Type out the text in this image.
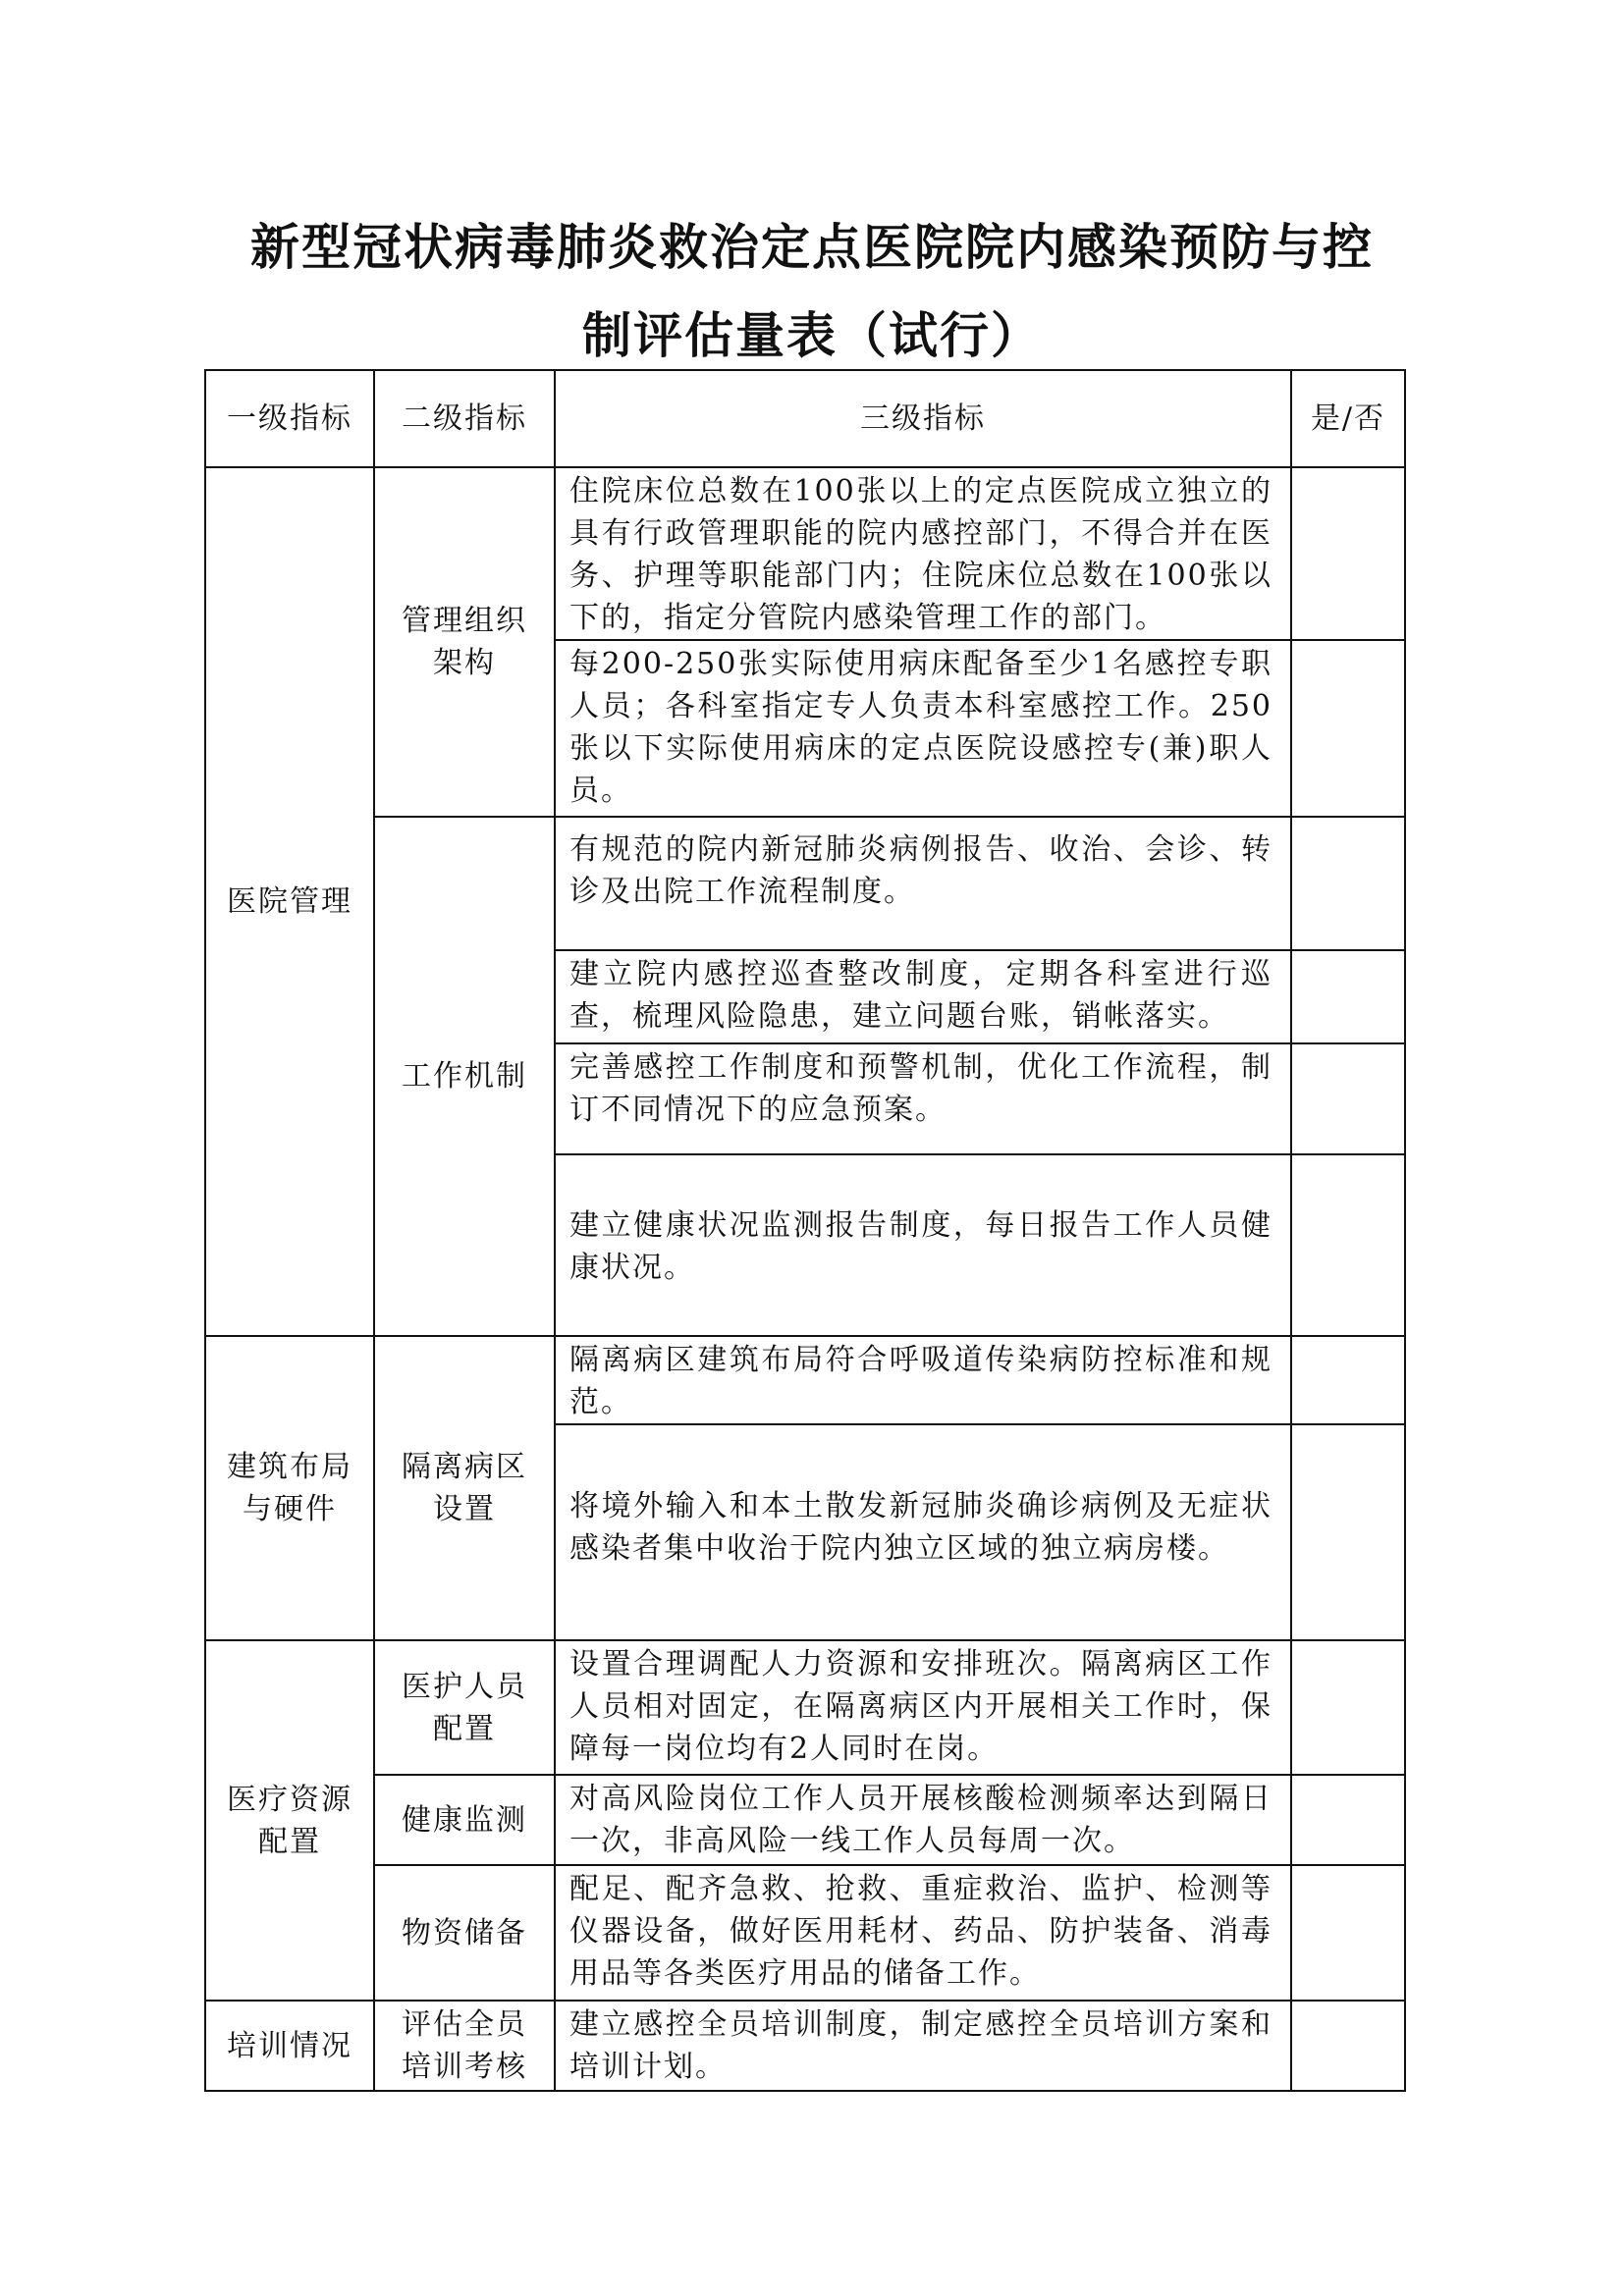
新型冠状病毒肺炎救治定点医院院内感染预防与控
制评估量表（试行）
一级指标	二级指标	三级指标	是/否

医院管理	管理组织架构	住院床位总数在100张以上的定点医院成立独立的具有行政管理职能的院内感控部门，不得合并在医务、护理等职能部门内；住院床位总数在100张以下的，指定分管院内感染管理工作的部门。	

		每200-250张实际使用病床配备至少1名感控专职人员；各科室指定专人负责本科室感控工作。250张以下实际使用病床的定点医院设感控专(兼)职人员。	

	工作机制	有规范的院内新冠肺炎病例报告、收治、会诊、转诊及出院工作流程制度。	

		建立院内感控巡查整改制度，定期各科室进行巡查，梳理风险隐患，建立问题台账，销帐落实。	

		完善感控工作制度和预警机制，优化工作流程，制订不同情况下的应急预案。	

		建立健康状况监测报告制度，每日报告工作人员健康状况。	

建筑布局与硬件	隔离病区设置	隔离病区建筑布局符合呼吸道传染病防控标准和规范。	

		将境外输入和本土散发新冠肺炎确诊病例及无症状感染者集中收治于院内独立区域的独立病房楼。	

医疗资源配置	医护人员配置	设置合理调配人力资源和安排班次。隔离病区工作人员相对固定，在隔离病区内开展相关工作时，保障每一岗位均有2人同时在岗。	

	健康监测	对高风险岗位工作人员开展核酸检测频率达到隔日一次，非高风险一线工作人员每周一次。	

	物资储备	配足、配齐急救、抢救、重症救治、监护、检测等仪器设备，做好医用耗材、药品、防护装备、消毒用品等各类医疗用品的储备工作。	

培训情况	评估全员培训考核	建立感控全员培训制度，制定感控全员培训方案和培训计划。	
